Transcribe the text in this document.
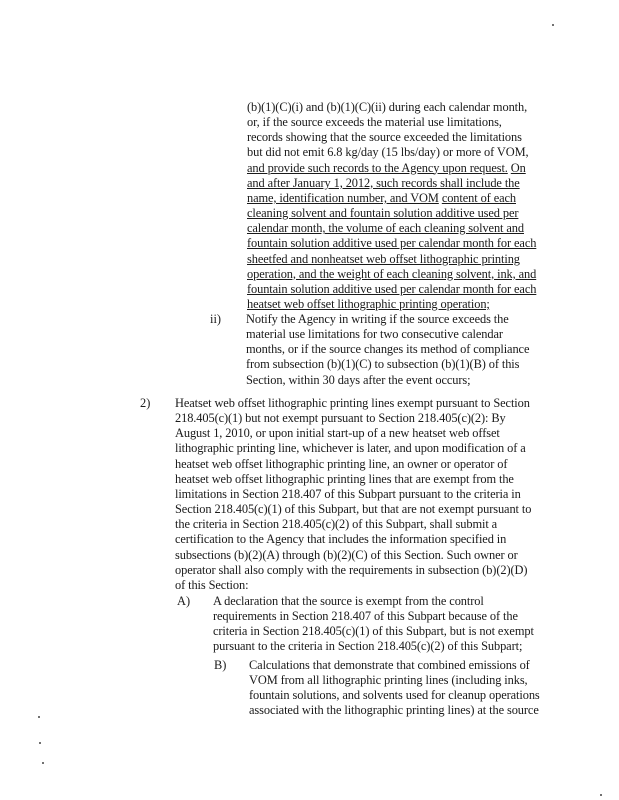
ii)
2)
A)
B)
(b)(1)(C)(i) and (b)(1)(C)(ii) during each calendar month,
or, if the source exceeds the material use limitations,
records showing that the source exceeded the limitations
but did not emit 6.8 kg/day (15 lbs/day) or more of VOM,
and provide such records to the Agency upon request. On
and after January 1, 2012, such records shall include the
name, identification number, and VOM content of each
cleaning solvent and fountain solution additive used per
calendar month, the volume of each cleaning solvent and
fountain solution additive used per calendar month for each
sheetfed and nonheatset web offset lithographic printing
operation, and the weight of each cleaning solvent, ink, and
fountain solution additive used per calendar month for each
heatset web offset lithographic printing operation;
Notify the Agency in writing if the source exceeds the
material use limitations for two consecutive calendar
months, or if the source changes its method of compliance
from subsection (b)(1)(C) to subsection (b)(1)(B) of this
Section, within 30 days after the event occurs;
Heatset web offset lithographic printing lines exempt pursuant to Section
218.405(c)(1) but not exempt pursuant to Section 218.405(c)(2): By
August 1, 2010, or upon initial start-up of a new heatset web offset
lithographic printing line, whichever is later, and upon modification of a
heatset web offset lithographic printing line, an owner or operator of
heatset web offset lithographic printing lines that are exempt from the
limitations in Section 218.407 of this Subpart pursuant to the criteria in
Section 218.405(c)(1) of this Subpart, but that are not exempt pursuant to
the criteria in Section 218.405(c)(2) of this Subpart, shall submit a
certification to the Agency that includes the information specified in
subsections (b)(2)(A) through (b)(2)(C) of this Section. Such owner or
operator shall also comply with the requirements in subsection (b)(2)(D)
of this Section:
A declaration that the source is exempt from the control
requirements in Section 218.407 of this Subpart because of the
criteria in Section 218.405(c)(1) of this Subpart, but is not exempt
pursuant to the criteria in Section 218.405(c)(2) of this Subpart;
Calculations that demonstrate that combined emissions of
VOM from all lithographic printing lines (including inks,
fountain solutions, and solvents used for cleanup operations
associated with the lithographic printing lines) at the source
